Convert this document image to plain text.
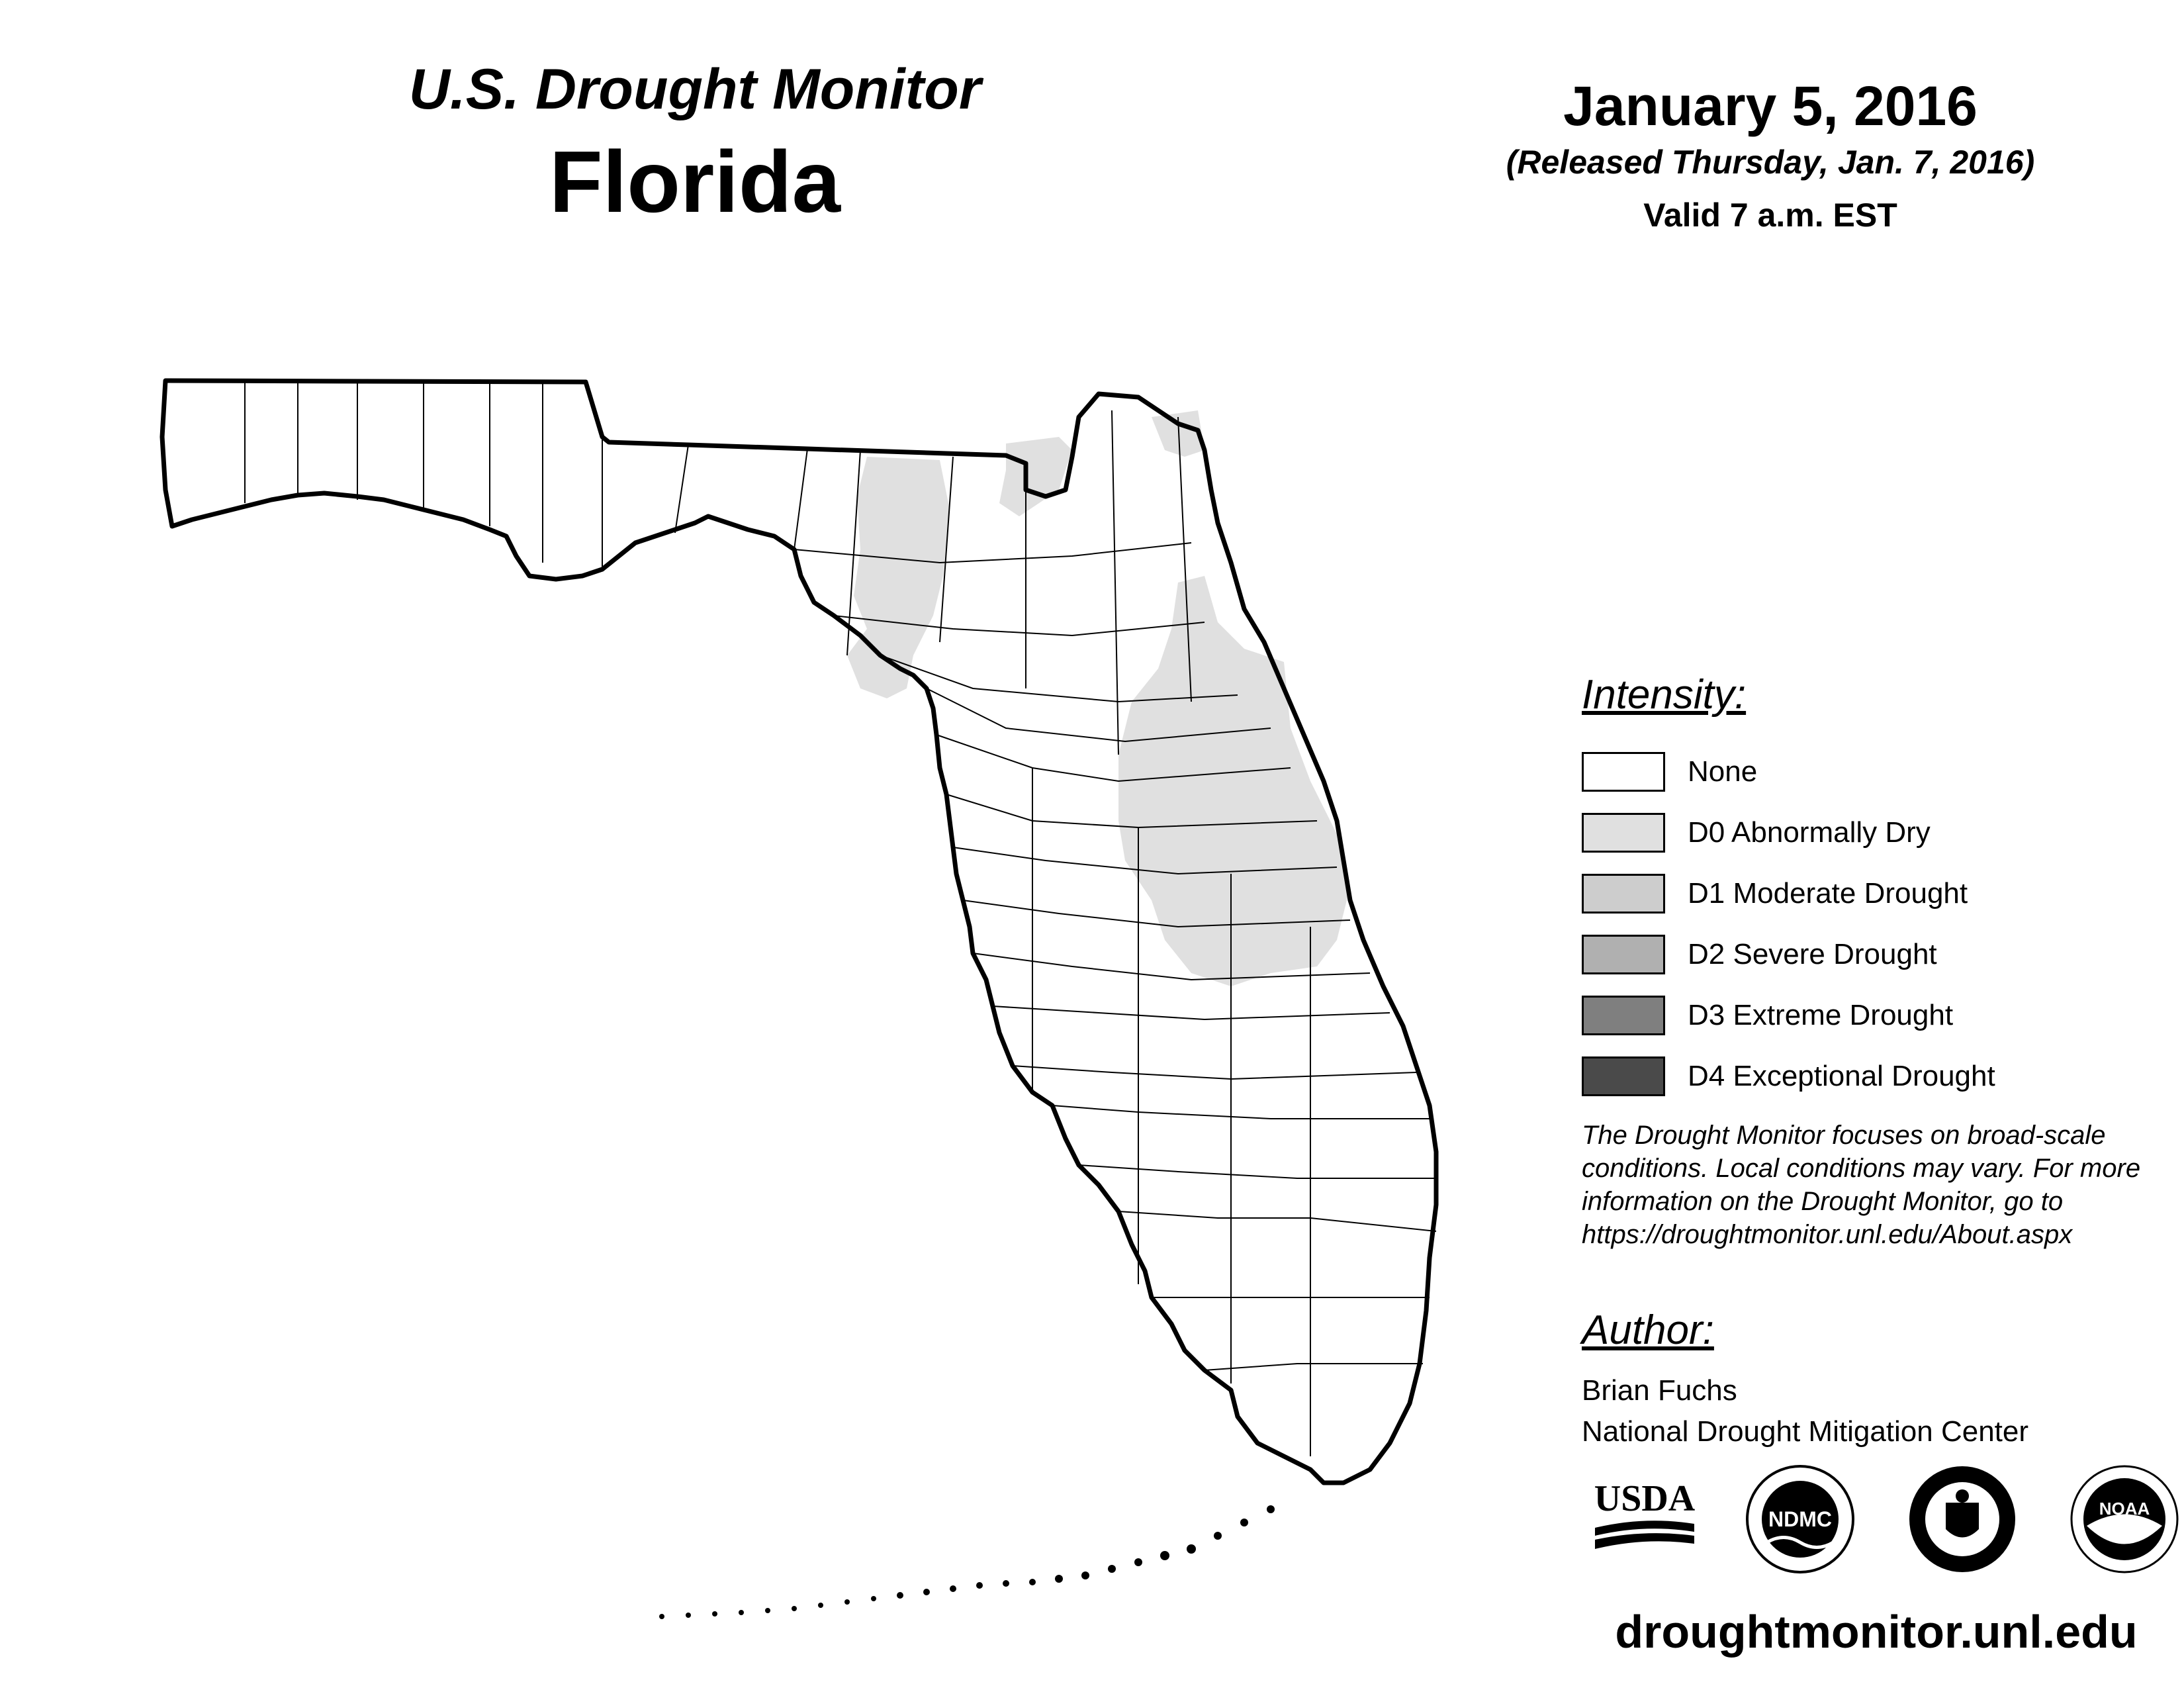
U.S. Drought Monitor
Florida
January 5, 2016
(Released Thursday, Jan. 7, 2016)
Valid 7 a.m. EST
Intensity:
None
D0 Abnormally Dry
D1 Moderate Drought
D2 Severe Drought
D3 Extreme Drought
D4 Exceptional Drought
The Drought Monitor focuses on broad-scale conditions. Local conditions may vary. For more information on the Drought Monitor, go to https://droughtmonitor.unl.edu/About.aspx
Author:
Brian Fuchs
National Drought Mitigation Center
USDA	NDMC	NOAA
droughtmonitor.unl.edu
